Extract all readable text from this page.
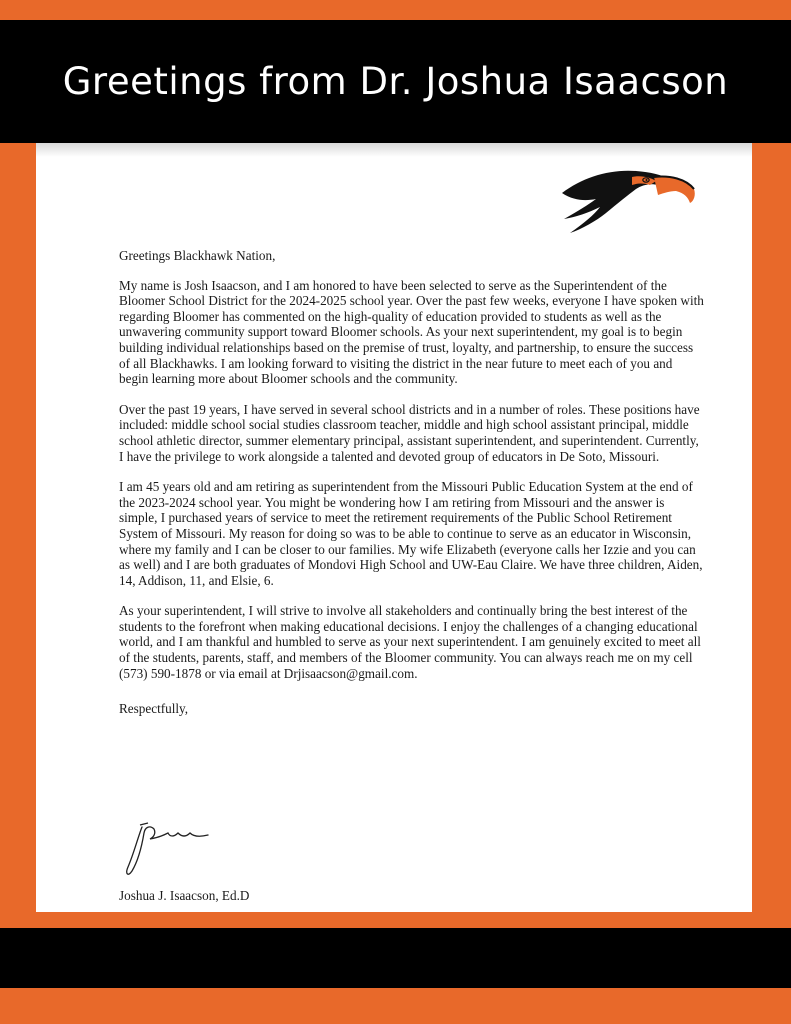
Greetings from Dr. Joshua Isaacson

Greetings Blackhawk Nation,

My name is Josh Isaacson, and I am honored to have been selected to serve as the Superintendent of the Bloomer School District for the 2024-2025 school year. Over the past few weeks, everyone I have spoken with regarding Bloomer has commented on the high-quality of education provided to students as well as the unwavering community support toward Bloomer schools. As your next superintendent, my goal is to begin building individual relationships based on the premise of trust, loyalty, and partnership, to ensure the success of all Blackhawks. I am looking forward to visiting the district in the near future to meet each of you and begin learning more about Bloomer schools and the community.

Over the past 19 years, I have served in several school districts and in a number of roles. These positions have included: middle school social studies classroom teacher, middle and high school assistant principal, middle school athletic director, summer elementary principal, assistant superintendent, and superintendent. Currently, I have the privilege to work alongside a talented and devoted group of educators in De Soto, Missouri.

I am 45 years old and am retiring as superintendent from the Missouri Public Education System at the end of the 2023-2024 school year. You might be wondering how I am retiring from Missouri and the answer is simple, I purchased years of service to meet the retirement requirements of the Public School Retirement System of Missouri. My reason for doing so was to be able to continue to serve as an educator in Wisconsin, where my family and I can be closer to our families. My wife Elizabeth (everyone calls her Izzie and you can as well) and I are both graduates of Mondovi High School and UW-Eau Claire. We have three children, Aiden, 14, Addison, 11, and Elsie, 6.

As your superintendent, I will strive to involve all stakeholders and continually bring the best interest of the students to the forefront when making educational decisions. I enjoy the challenges of a changing educational world, and I am thankful and humbled to serve as your next superintendent. I am genuinely excited to meet all of the students, parents, staff, and members of the Bloomer community. You can always reach me on my cell (573) 590-1878 or via email at Drjisaacson@gmail.com.

Respectfully,

Joshua J. Isaacson, Ed.D
